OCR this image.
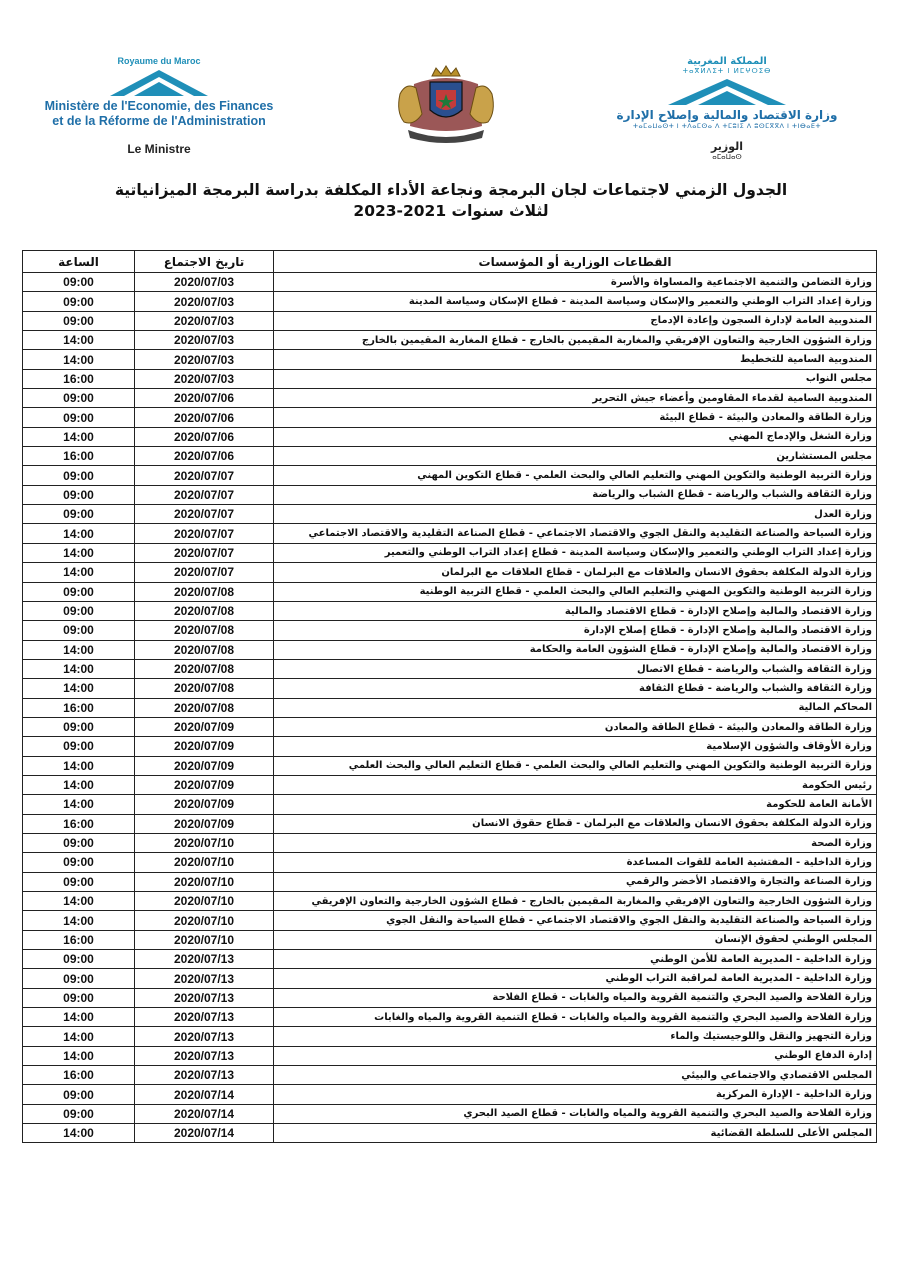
Royaume du Maroc
Ministère de l'Economie, des Finances
et de la Réforme de l'Administration
Le Ministre
المملكة المغربية
ⵜⴰⴳⵍⴷⵉⵜ ⵏ ⵍⵎⵖⵔⵉⴱ
وزارة الاقتصاد والمالية وإصلاح الإدارة
ⵜⴰⵎⴰⵡⴰⵙⵜ ⵏ ⵜⴷⴰⵎⵙⴰ ⴷ ⵜⵎⵓⵏⵉ ⴷ ⵓⵙⵎⴳⴳⴷ ⵏ ⵜⵏⴱⴰⴹⵜ
الوزير
ⴰⵎⴰⵡⴰⵙ
الجدول الزمني لاجتماعات لجان البرمجة ونجاعة الأداء المكلفة بدراسة البرمجة الميزانياتية
لثلاث سنوات 2021-2023
القطاعات الوزارية أو المؤسسات	تاريخ الاجتماع	الساعة
وزارة التضامن والتنمية الاجتماعية والمساواة والأسرة	2020/07/03	09:00
وزارة إعداد التراب الوطني والتعمير والإسكان وسياسة المدينة - قطاع الإسكان وسياسة المدينة	2020/07/03	09:00
المندوبية العامة لإدارة السجون وإعادة الإدماج	2020/07/03	09:00
وزارة الشؤون الخارجية والتعاون الإفريقي والمغاربة المقيمين بالخارج - قطاع المغاربة المقيمين بالخارج	2020/07/03	14:00
المندوبية السامية للتخطيط	2020/07/03	14:00
مجلس النواب	2020/07/03	16:00
المندوبية السامية لقدماء المقاومين وأعضاء جيش التحرير	2020/07/06	09:00
وزارة الطاقة والمعادن والبيئة - قطاع البيئة	2020/07/06	09:00
وزارة الشغل والإدماج المهني	2020/07/06	14:00
مجلس المستشارين	2020/07/06	16:00
وزارة التربية الوطنية والتكوين المهني والتعليم العالي والبحث العلمي - قطاع التكوين المهني	2020/07/07	09:00
وزارة الثقافة والشباب والرياضة - قطاع الشباب والرياضة	2020/07/07	09:00
وزارة العدل	2020/07/07	09:00
وزارة السياحة والصناعة التقليدية والنقل الجوي والاقتصاد الاجتماعي - قطاع الصناعة التقليدية والاقتصاد الاجتماعي	2020/07/07	14:00
وزارة إعداد التراب الوطني والتعمير والإسكان وسياسة المدينة - قطاع إعداد التراب الوطني والتعمير	2020/07/07	14:00
وزارة الدولة المكلفة بحقوق الانسان والعلاقات مع البرلمان - قطاع العلاقات مع البرلمان	2020/07/07	14:00
وزارة التربية الوطنية والتكوين المهني والتعليم العالي والبحث العلمي - قطاع التربية الوطنية	2020/07/08	09:00
وزارة الاقتصاد والمالية وإصلاح الإدارة - قطاع الاقتصاد والمالية	2020/07/08	09:00
وزارة الاقتصاد والمالية وإصلاح الإدارة - قطاع إصلاح الإدارة	2020/07/08	09:00
وزارة الاقتصاد والمالية وإصلاح الإدارة - قطاع الشؤون العامة والحكامة	2020/07/08	14:00
وزارة الثقافة والشباب والرياضة - قطاع الاتصال	2020/07/08	14:00
وزارة الثقافة والشباب والرياضة - قطاع الثقافة	2020/07/08	14:00
المحاكم المالية	2020/07/08	16:00
وزارة الطاقة والمعادن والبيئة - قطاع الطاقة والمعادن	2020/07/09	09:00
وزارة الأوقاف والشؤون الإسلامية	2020/07/09	09:00
وزارة التربية الوطنية والتكوين المهني والتعليم العالي والبحث العلمي - قطاع التعليم العالي والبحث العلمي	2020/07/09	14:00
رئيس الحكومة	2020/07/09	14:00
الأمانة العامة للحكومة	2020/07/09	14:00
وزارة الدولة المكلفة بحقوق الانسان والعلاقات مع البرلمان - قطاع حقوق الانسان	2020/07/09	16:00
وزارة الصحة	2020/07/10	09:00
وزارة الداخلية - المفتشية العامة للقوات المساعدة	2020/07/10	09:00
وزارة الصناعة والتجارة والاقتصاد الأخضر والرقمي	2020/07/10	09:00
وزارة الشؤون الخارجية والتعاون الإفريقي والمغاربة المقيمين بالخارج - قطاع الشؤون الخارجية والتعاون الإفريقي	2020/07/10	14:00
وزارة السياحة والصناعة التقليدية والنقل الجوي والاقتصاد الاجتماعي - قطاع السياحة والنقل الجوي	2020/07/10	14:00
المجلس الوطني لحقوق الإنسان	2020/07/10	16:00
وزارة الداخلية - المديرية العامة للأمن الوطني	2020/07/13	09:00
وزارة الداخلية - المديرية العامة لمراقبة التراب الوطني	2020/07/13	09:00
وزارة الفلاحة والصيد البحري والتنمية القروية والمياه والغابات - قطاع الفلاحة	2020/07/13	09:00
وزارة الفلاحة والصيد البحري والتنمية القروية والمياه والغابات - قطاع التنمية القروية والمياه والغابات	2020/07/13	14:00
وزارة التجهيز والنقل واللوجيستيك والماء	2020/07/13	14:00
إدارة الدفاع الوطني	2020/07/13	14:00
المجلس الاقتصادي والاجتماعي والبيئي	2020/07/13	16:00
وزارة الداخلية - الإدارة المركزية	2020/07/14	09:00
وزارة الفلاحة والصيد البحري والتنمية القروية والمياه والغابات - قطاع الصيد البحري	2020/07/14	09:00
المجلس الأعلى للسلطة القضائية	2020/07/14	14:00
